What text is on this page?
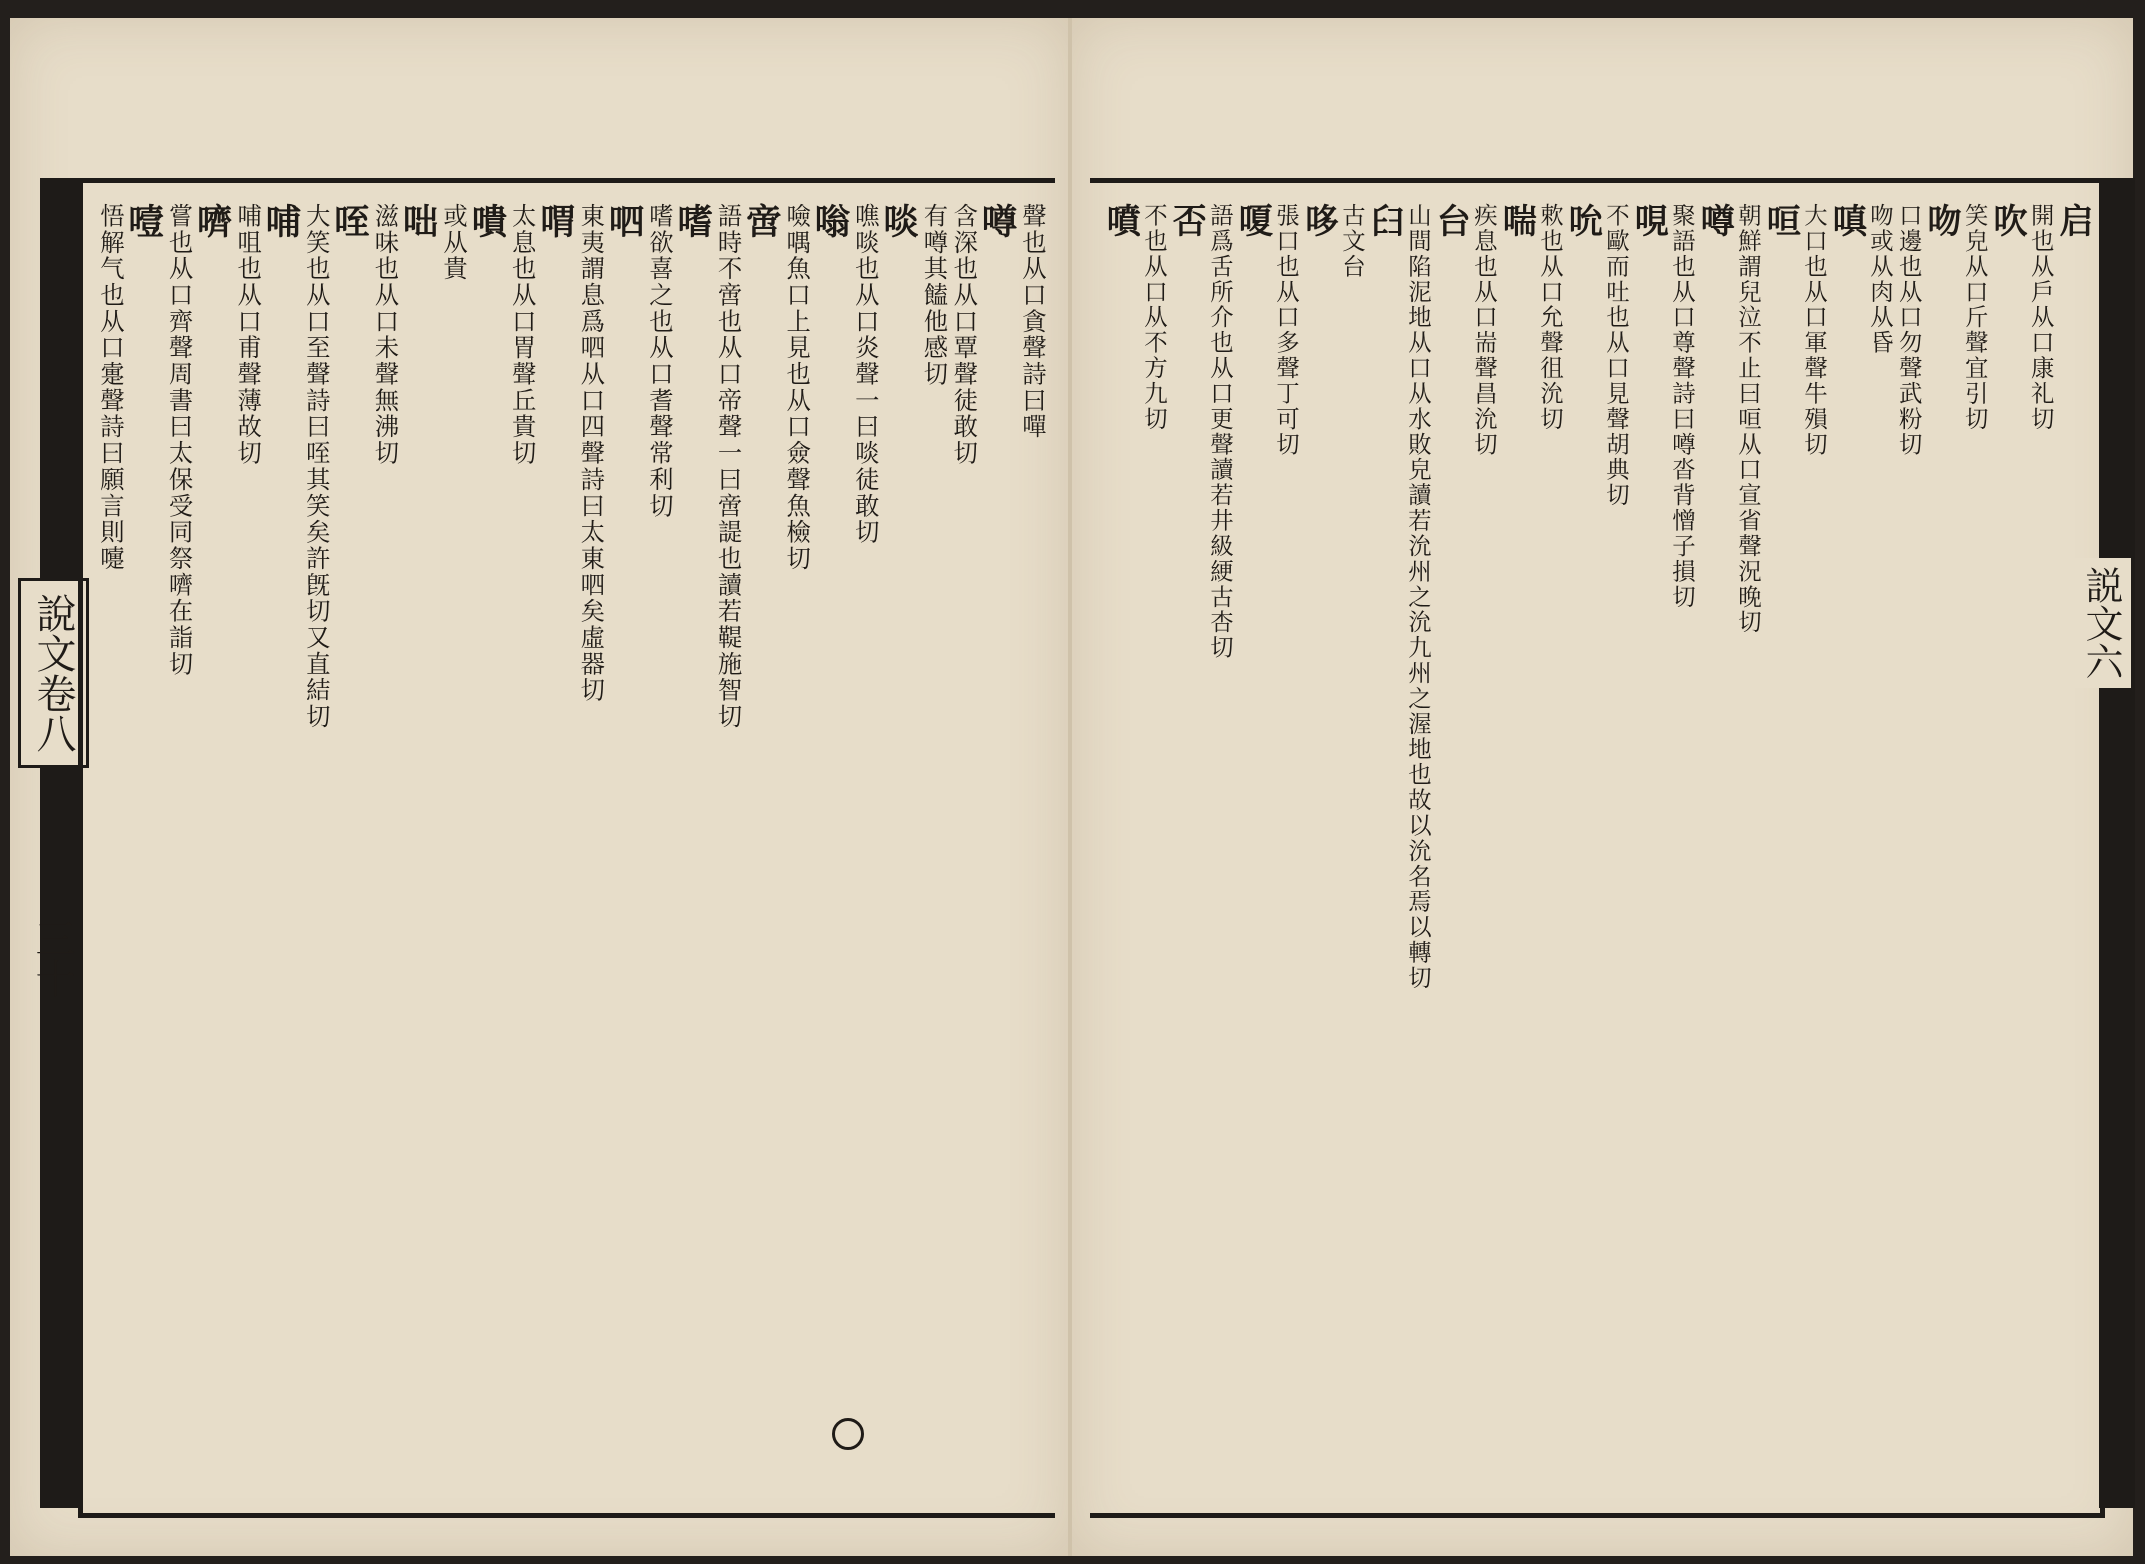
說文卷八
三十
聲也从口貪聲詩曰嘽
噂
含深也从口覃聲徒敢切
有噂其饁他感切
啖
噍啖也从口炎聲一曰啖徒敢切
嗡
噞喁魚口上見也从口僉聲魚檢切
啻
語時不啻也从口帝聲一曰啻諟也讀若鞮施智切
嗜
嗜欲喜之也从口耆聲常利切
呬
東夷謂息爲呬从口四聲詩曰太東呬矣虛器切
喟
太息也从口胃聲丘貴切
嘳
或从貴
咄
滋味也从口未聲無沸切
咥
大笑也从口至聲詩曰咥其笑矣許旣切又直結切
哺
哺咀也从口甫聲薄故切
嚌
嘗也从口齊聲周書曰太保受同祭嚌在詣切
噎
悟解气也从口疐聲詩曰願言則嚏	启
開也从戶从口康礼切
吹
笑皃从口斤聲宜引切
吻
口邊也从口勿聲武粉切
吻或从肉从昏
嗔
大口也从口軍聲牛殞切
咺
朝鮮謂兒泣不止曰咺从口宣省聲況晚切
噂
聚語也从口尊聲詩曰噂沓背憎子損切
哯
不歐而吐也从口見聲胡典切
吮
欶也从口允聲徂沇切
喘
疾息也从口耑聲昌沇切
台
山間陷泥地从口从水敗皃讀若沇州之沇九州之渥地也故以沇名焉以轉切
𦥑
古文台
哆
張口也从口多聲丁可切
嗄
語爲舌所介也从口更聲讀若井級綆古杏切
否
不也从口从不方九切
噴
説文六
